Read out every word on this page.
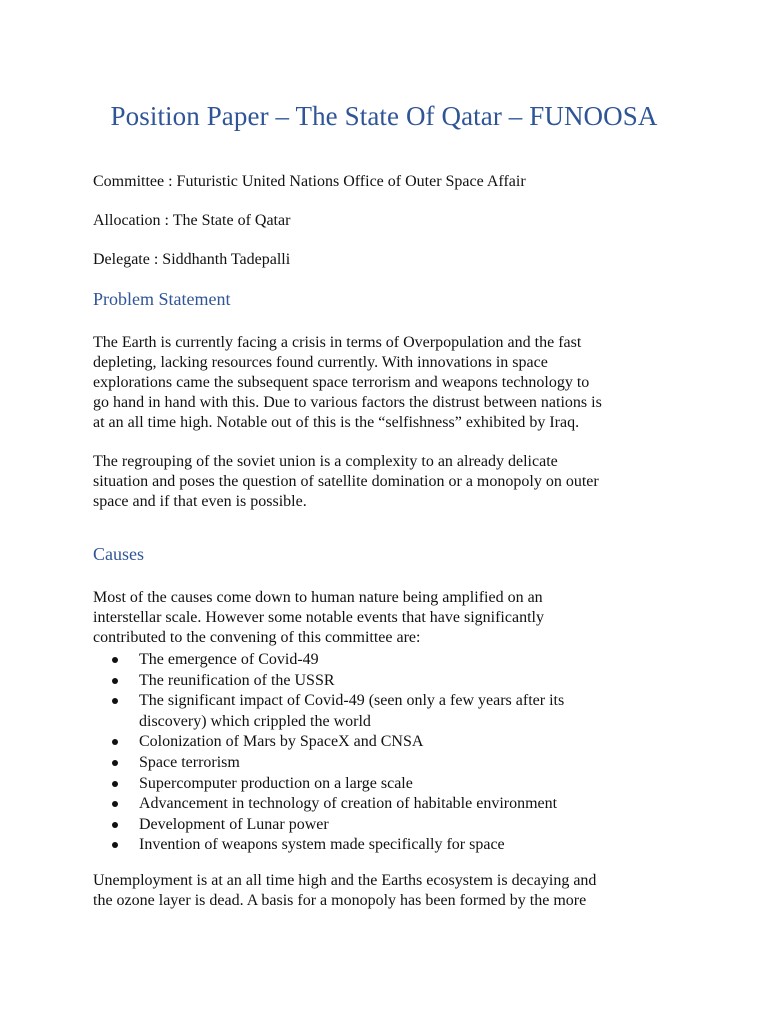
Position Paper – The State Of Qatar – FUNOOSA

Committee : Futuristic United Nations Office of Outer Space Affair

Allocation : The State of Qatar

Delegate : Siddhanth Tadepalli

Problem Statement

The Earth is currently facing a crisis in terms of Overpopulation and the fast
depleting, lacking resources found currently. With innovations in space
explorations came the subsequent space terrorism and weapons technology to
go hand in hand with this. Due to various factors the distrust between nations is
at an all time high. Notable out of this is the “selfishness” exhibited by Iraq.

The regrouping of the soviet union is a complexity to an already delicate
situation and poses the question of satellite domination or a monopoly on outer
space and if that even is possible.

Causes

Most of the causes come down to human nature being amplified on an
interstellar scale. However some notable events that have significantly
contributed to the convening of this committee are:

The emergence of Covid-49
The reunification of the USSR
The significant impact of Covid-49 (seen only a few years after its
discovery) which crippled the world
Colonization of Mars by SpaceX and CNSA
Space terrorism
Supercomputer production on a large scale
Advancement in technology of creation of habitable environment
Development of Lunar power
Invention of weapons system made specifically for space

Unemployment is at an all time high and the Earths ecosystem is decaying and
the ozone layer is dead. A basis for a monopoly has been formed by the more
